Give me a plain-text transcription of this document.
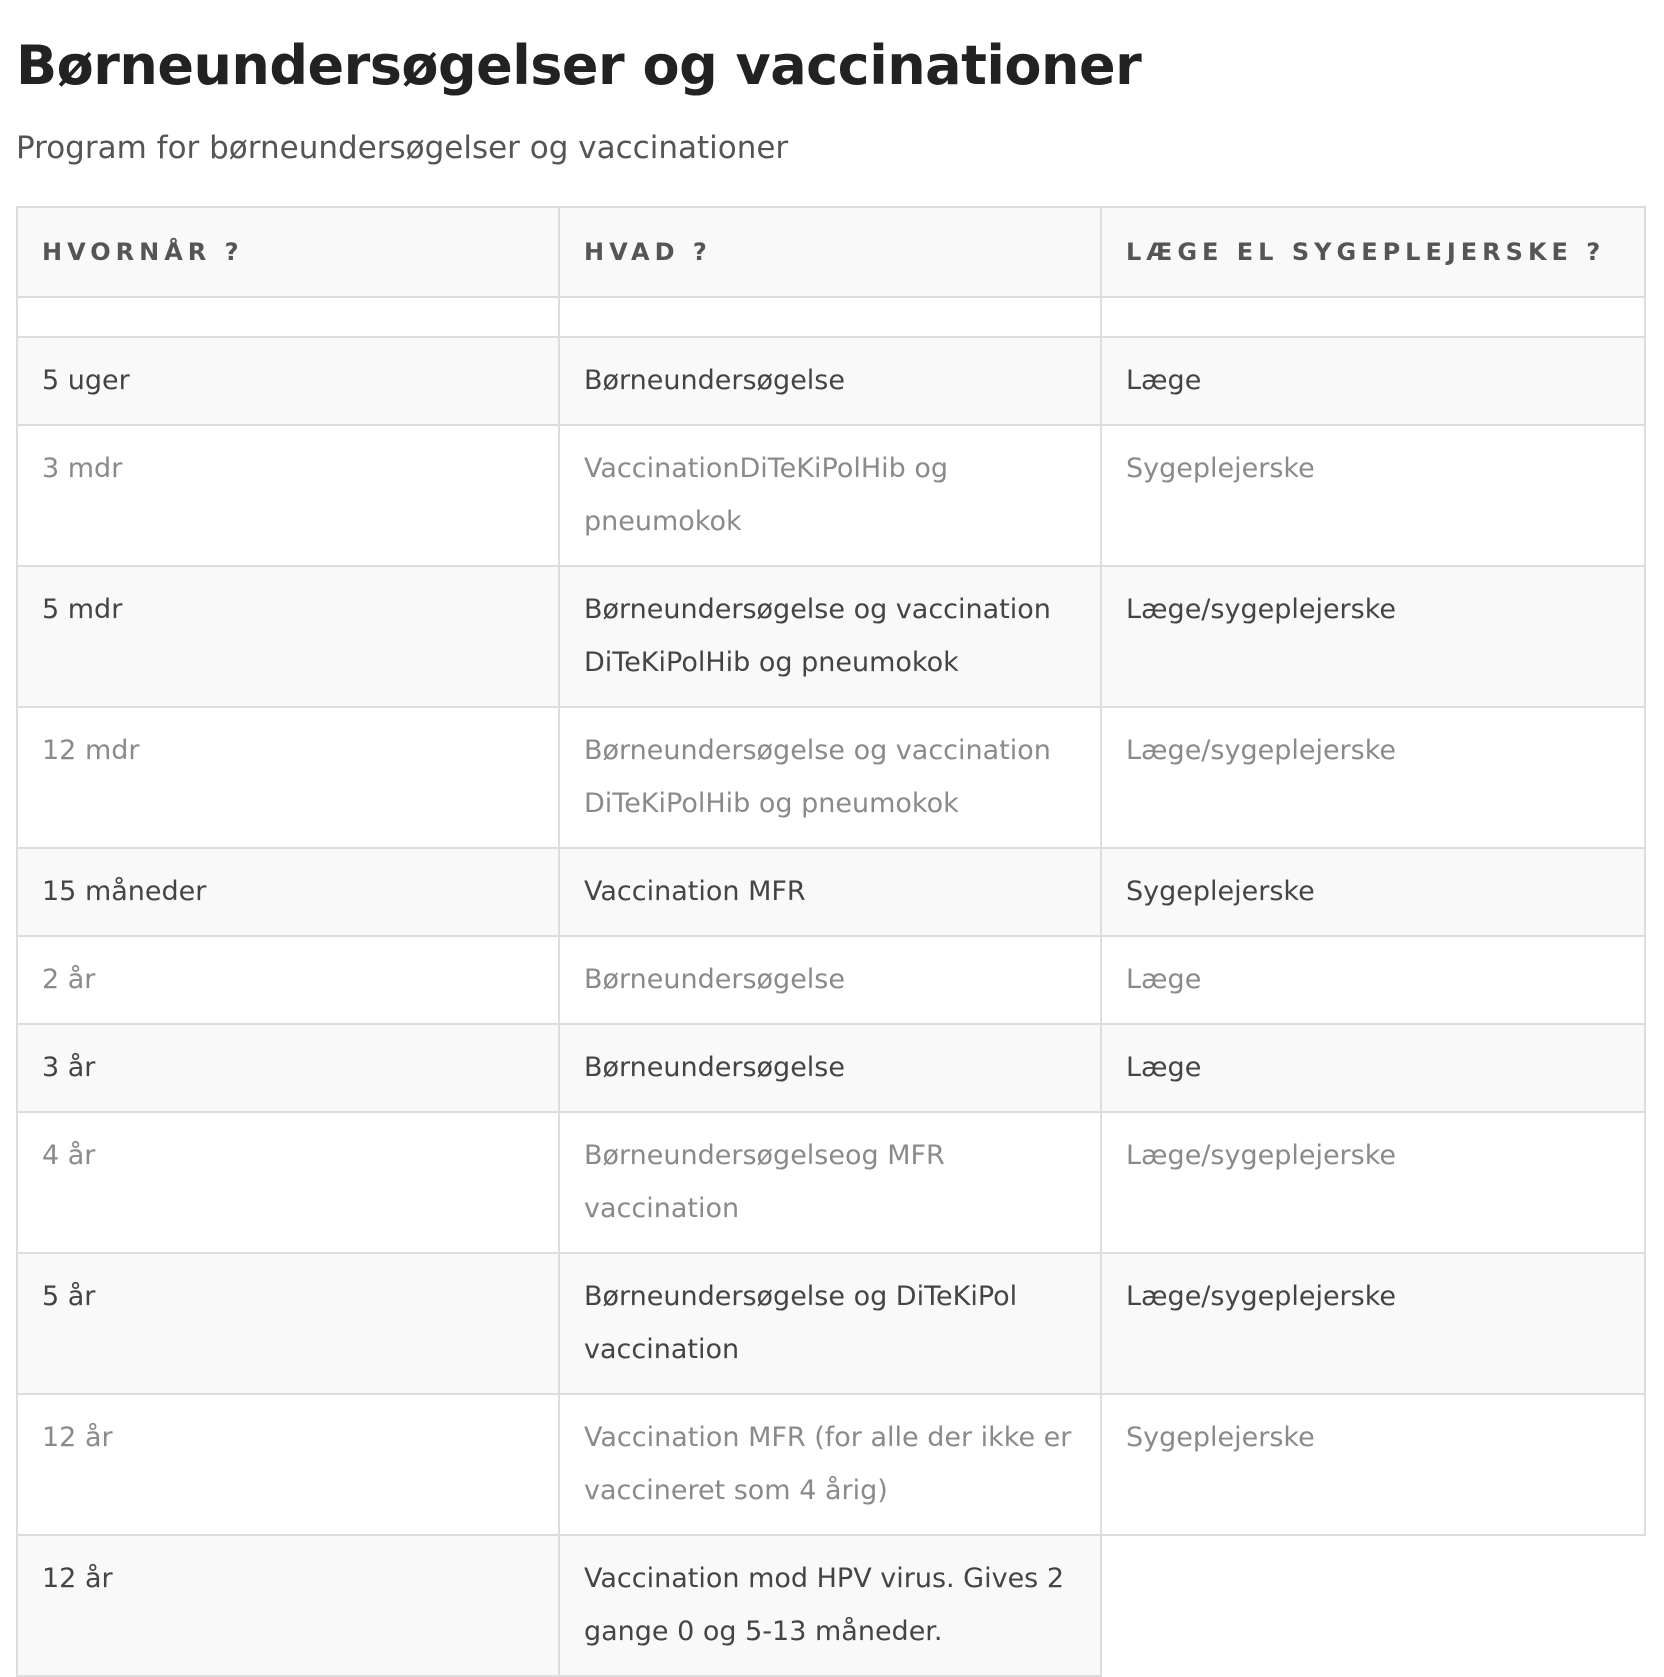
Børneundersøgelser og vaccinationer

Program for børneundersøgelser og vaccinationer

HVORNÅR ?	HVAD ?	LÆGE EL SYGEPLEJERSKE ?

5 uger	Børneundersøgelse	Læge
3 mdr	VaccinationDiTeKiPolHib og pneumokok	Sygeplejerske
5 mdr	Børneundersøgelse og vaccination DiTeKiPolHib og pneumokok	Læge/sygeplejerske
12 mdr	Børneundersøgelse og vaccination DiTeKiPolHib og pneumokok	Læge/sygeplejerske
15 måneder	Vaccination MFR	Sygeplejerske
2 år	Børneundersøgelse	Læge
3 år	Børneundersøgelse	Læge
4 år	Børneundersøgelseog MFR vaccination	Læge/sygeplejerske
5 år	Børneundersøgelse og DiTeKiPol vaccination	Læge/sygeplejerske
12 år	Vaccination MFR (for alle der ikke er vaccineret som 4 årig)	Sygeplejerske
12 år	Vaccination mod HPV virus. Gives 2 gange 0 og 5-13 måneder.	
